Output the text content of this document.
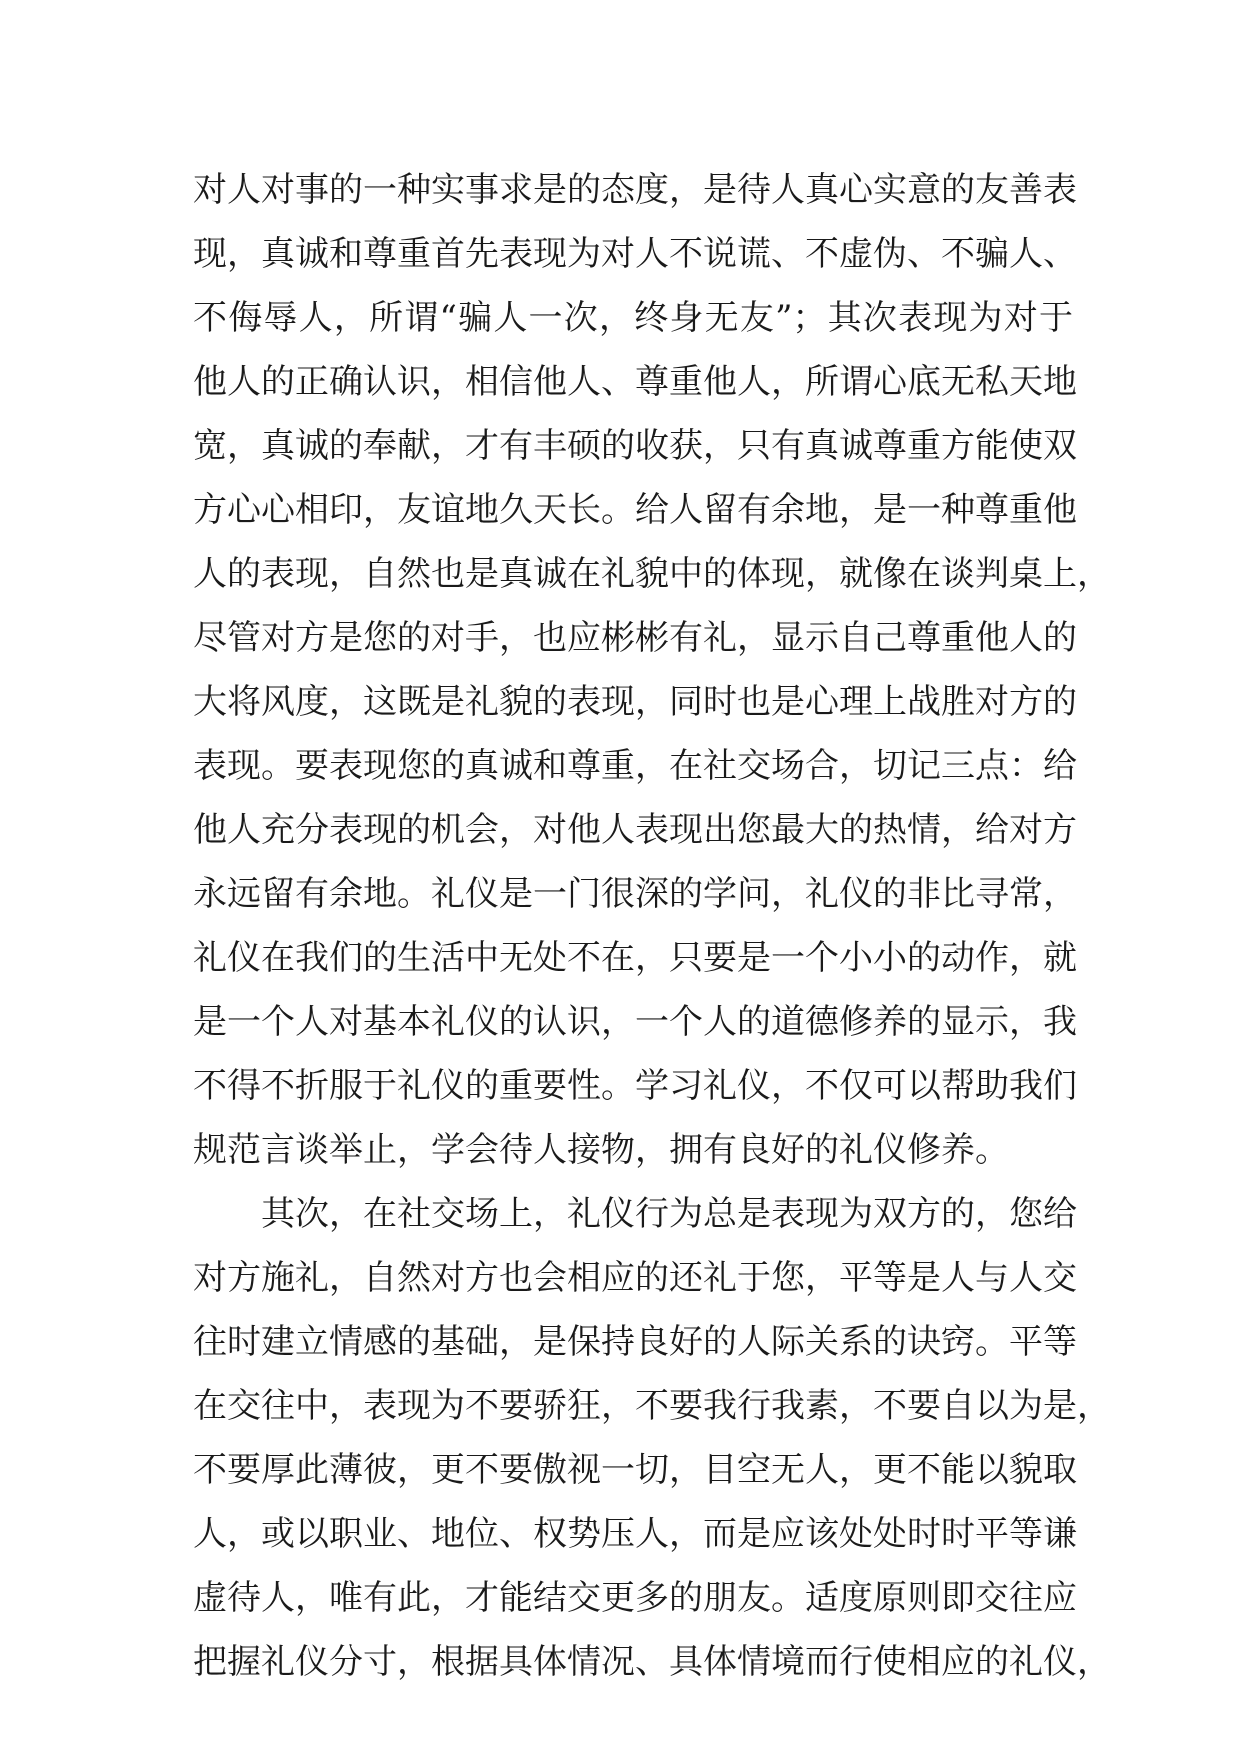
对人对事的一种实事求是的态度，是待人真心实意的友善表
现，真诚和尊重首先表现为对人不说谎、不虚伪、不骗人、
不侮辱人，所谓“骗人一次，终身无友”；其次表现为对于
他人的正确认识，相信他人、尊重他人，所谓心底无私天地
宽，真诚的奉献，才有丰硕的收获，只有真诚尊重方能使双
方心心相印，友谊地久天长。给人留有余地，是一种尊重他
人的表现，自然也是真诚在礼貌中的体现，就像在谈判桌上，
尽管对方是您的对手，也应彬彬有礼，显示自己尊重他人的
大将风度，这既是礼貌的表现，同时也是心理上战胜对方的
表现。要表现您的真诚和尊重，在社交场合，切记三点：给
他人充分表现的机会，对他人表现出您最大的热情，给对方
永远留有余地。礼仪是一门很深的学问，礼仪的非比寻常，
礼仪在我们的生活中无处不在，只要是一个小小的动作，就
是一个人对基本礼仪的认识，一个人的道德修养的显示，我
不得不折服于礼仪的重要性。学习礼仪，不仅可以帮助我们
规范言谈举止，学会待人接物，拥有良好的礼仪修养。
其次，在社交场上，礼仪行为总是表现为双方的，您给
对方施礼，自然对方也会相应的还礼于您，平等是人与人交
往时建立情感的基础，是保持良好的人际关系的诀窍。平等
在交往中，表现为不要骄狂，不要我行我素，不要自以为是，
不要厚此薄彼，更不要傲视一切，目空无人，更不能以貌取
人，或以职业、地位、权势压人，而是应该处处时时平等谦
虚待人，唯有此，才能结交更多的朋友。适度原则即交往应
把握礼仪分寸，根据具体情况、具体情境而行使相应的礼仪，
